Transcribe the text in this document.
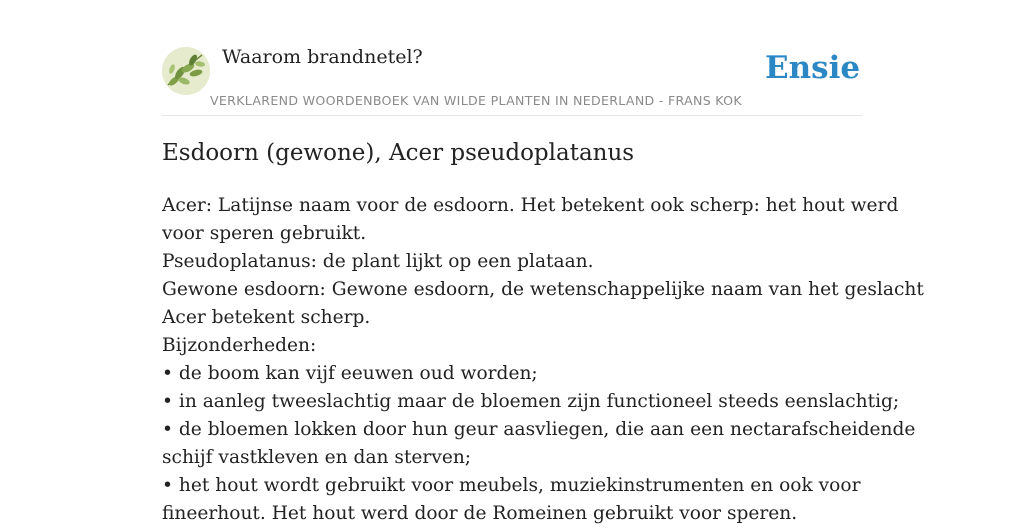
Waarom brandnetel?
VERKLAREND WOORDENBOEK VAN WILDE PLANTEN IN NEDERLAND - FRANS KOK
Ensie
Esdoorn (gewone), Acer pseudoplatanus
Acer: Latijnse naam voor de esdoorn. Het betekent ook scherp: het hout werd
voor speren gebruikt.
Pseudoplatanus: de plant lijkt op een plataan.
Gewone esdoorn: Gewone esdoorn, de wetenschappelijke naam van het geslacht
Acer betekent scherp.
Bijzonderheden:
• de boom kan vijf eeuwen oud worden;
• in aanleg tweeslachtig maar de bloemen zijn functioneel steeds eenslachtig;
• de bloemen lokken door hun geur aasvliegen, die aan een nectarafscheidende
schijf vastkleven en dan sterven;
• het hout wordt gebruikt voor meubels, muziekinstrumenten en ook voor
fineerhout. Het hout werd door de Romeinen gebruikt voor speren.
